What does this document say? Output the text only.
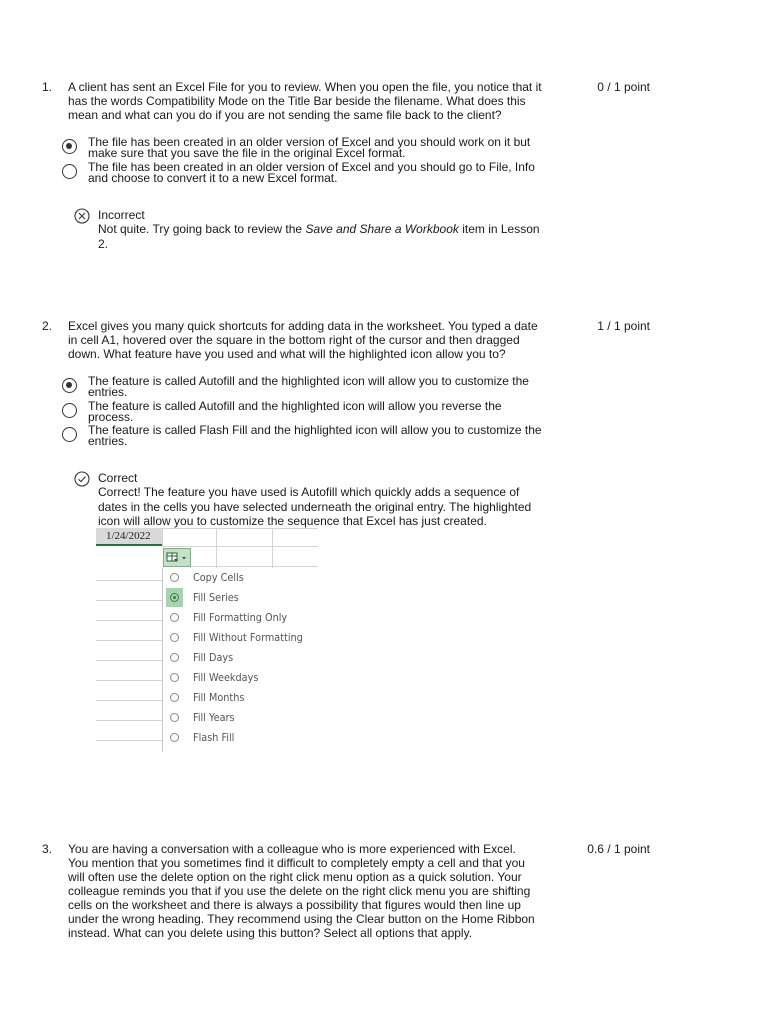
1. A client has sent an Excel File for you to review. When you open the file, you notice that it has the words Compatibility Mode on the Title Bar beside the filename. What does this mean and what can you do if you are not sending the same file back to the client?
0 / 1 point
The file has been created in an older version of Excel and you should work on it but make sure that you save the file in the original Excel format.
The file has been created in an older version of Excel and you should go to File, Info and choose to convert it to a new Excel format.
Incorrect
Not quite. Try going back to review the Save and Share a Workbook item in Lesson 2.
2. Excel gives you many quick shortcuts for adding data in the worksheet. You typed a date in cell A1, hovered over the square in the bottom right of the cursor and then dragged down. What feature have you used and what will the highlighted icon allow you to?
1 / 1 point
The feature is called Autofill and the highlighted icon will allow you to customize the entries.
The feature is called Autofill and the highlighted icon will allow you reverse the process.
The feature is called Flash Fill and the highlighted icon will allow you to customize the entries.
Correct
Correct! The feature you have used is Autofill which quickly adds a sequence of dates in the cells you have selected underneath the original entry. The highlighted icon will allow you to customize the sequence that Excel has just created.
1/24/2022
Copy Cells
Fill Series
Fill Formatting Only
Fill Without Formatting
Fill Days
Fill Weekdays
Fill Months
Fill Years
Flash Fill
3. You are having a conversation with a colleague who is more experienced with Excel. You mention that you sometimes find it difficult to completely empty a cell and that you will often use the delete option on the right click menu option as a quick solution. Your colleague reminds you that if you use the delete on the right click menu you are shifting cells on the worksheet and there is always a possibility that figures would then line up under the wrong heading. They recommend using the Clear button on the Home Ribbon instead. What can you delete using this button? Select all options that apply.
0.6 / 1 point
